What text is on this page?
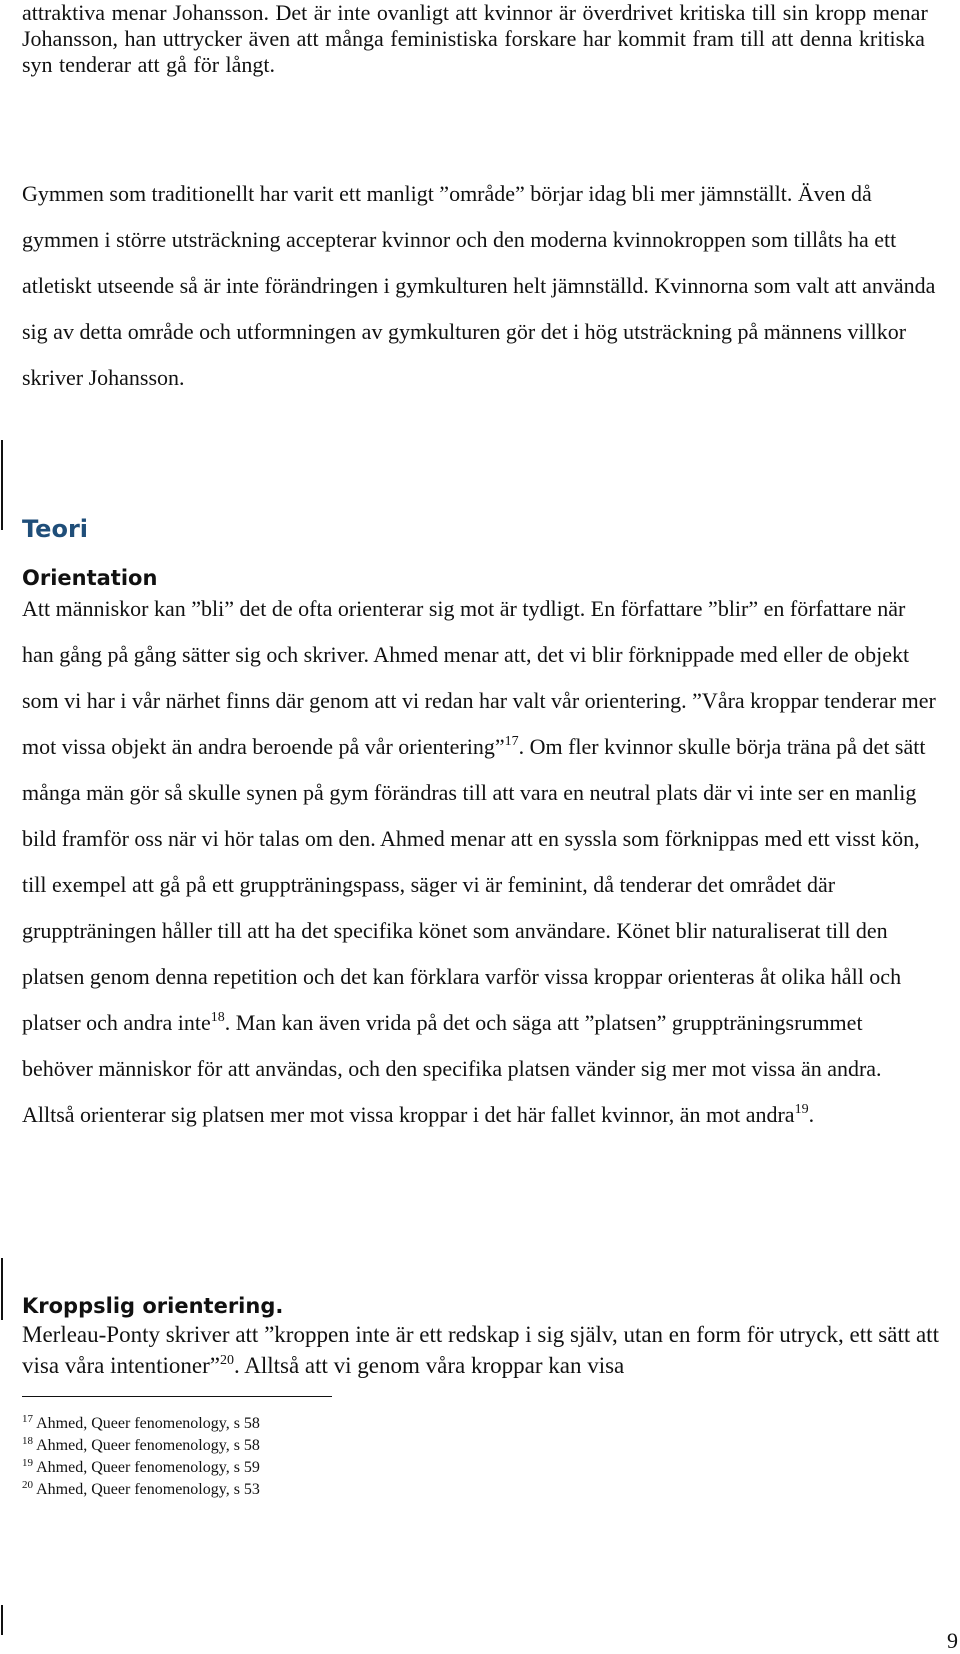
attraktiva menar Johansson. Det är inte ovanligt att kvinnor är överdrivet kritiska till sin kropp menar Johansson, han uttrycker även att många feministiska forskare har kommit fram till att denna kritiska syn tenderar att gå för långt.

Gymmen som traditionellt har varit ett manligt ”område” börjar idag bli mer jämnställt. Även då gymmen i större utsträckning accepterar kvinnor och den moderna kvinnokroppen som tillåts ha ett atletiskt utseende så är inte förändringen i gymkulturen helt jämnställd. Kvinnorna som valt att använda sig av detta område och utformningen av gymkulturen gör det i hög utsträckning på männens villkor skriver Johansson.

Teori
Orientation

Att människor kan ”bli” det de ofta orienterar sig mot är tydligt. En författare ”blir” en författare när han gång på gång sätter sig och skriver. Ahmed menar att, det vi blir förknippade med eller de objekt som vi har i vår närhet finns där genom att vi redan har valt vår orientering. ”Våra kroppar tenderar mer mot vissa objekt än andra beroende på vår orientering”$^{17}$. Om fler kvinnor skulle börja träna på det sätt många män gör så skulle synen på gym förändras till att vara en neutral plats där vi inte ser en manlig bild framför oss när vi hör talas om den. Ahmed menar att en syssla som förknippas med ett visst kön, till exempel att gå på ett gruppträningspass, säger vi är feminint, då tenderar det området där gruppträningen håller till att ha det specifika könet som användare. Könet blir naturaliserat till den platsen genom denna repetition och det kan förklara varför vissa kroppar orienteras åt olika håll och platser och andra inte$^{18}$. Man kan även vrida på det och säga att ”platsen” gruppträningsrummet behöver människor för att användas, och den specifika platsen vänder sig mer mot vissa än andra. Alltså orienterar sig platsen mer mot vissa kroppar i det här fallet kvinnor, än mot andra$^{19}$.

Kroppslig orientering.

Merleau-Ponty skriver att ”kroppen inte är ett redskap i sig själv, utan en form för utryck, ett sätt att visa våra intentioner”$^{20}$. Alltså att vi genom våra kroppar kan visa

$^{17}$ Ahmed, Queer fenomenology, s 58
$^{18}$ Ahmed, Queer fenomenology, s 58
$^{19}$ Ahmed, Queer fenomenology, s 59
$^{20}$ Ahmed, Queer fenomenology, s 53
9
